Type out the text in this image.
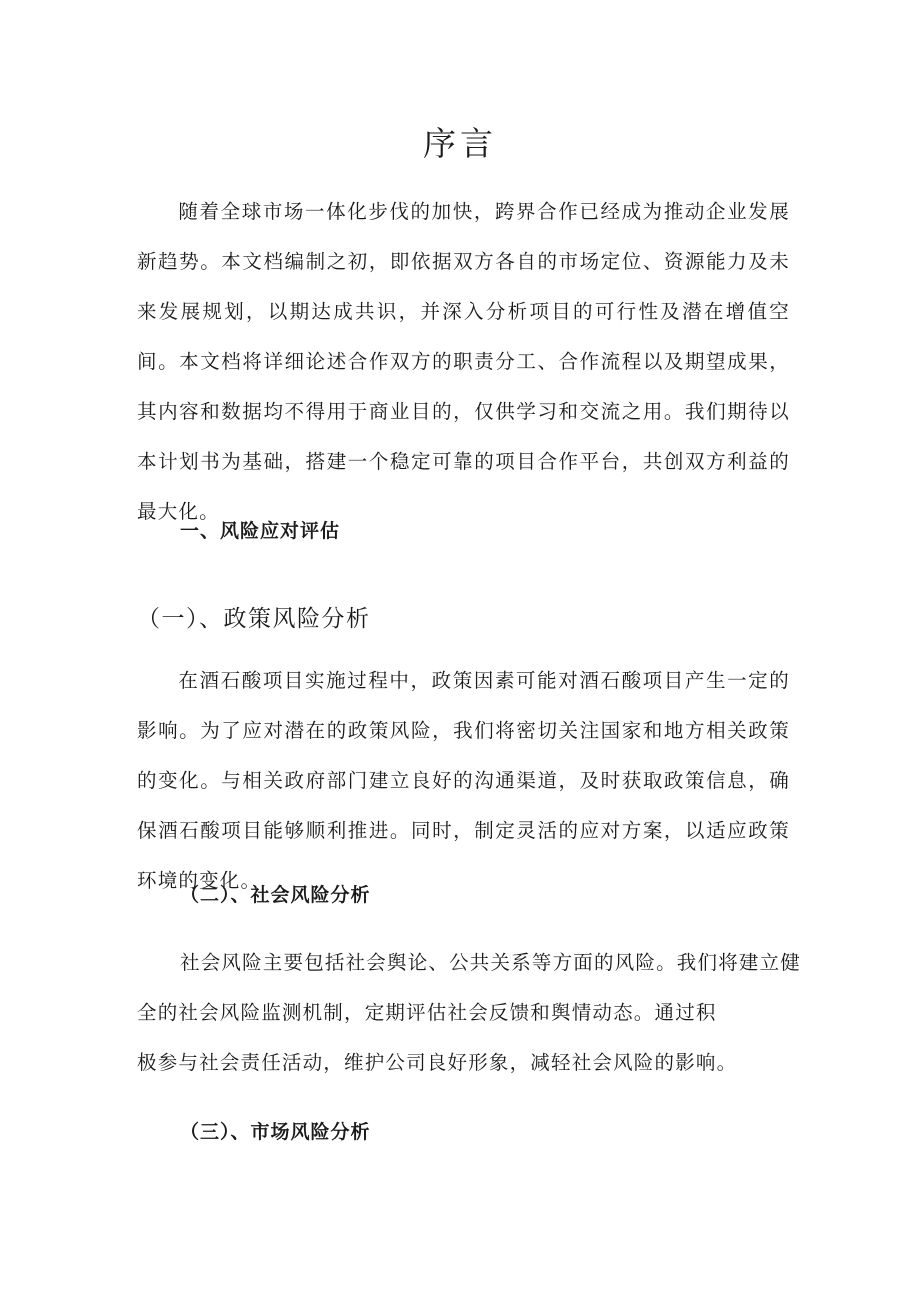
序言

随着全球市场一体化步伐的加快，跨界合作已经成为推动企业发展新趋势。本文档编制之初，即依据双方各自的市场定位、资源能力及未来发展规划，以期达成共识，并深入分析项目的可行性及潜在增值空间。本文档将详细论述合作双方的职责分工、合作流程以及期望成果，其内容和数据均不得用于商业目的，仅供学习和交流之用。我们期待以本计划书为基础，搭建一个稳定可靠的项目合作平台，共创双方利益的最大化。

一、风险应对评估
（一）、政策风险分析

在酒石酸项目实施过程中，政策因素可能对酒石酸项目产生一定的影响。为了应对潜在的政策风险，我们将密切关注国家和地方相关政策的变化。与相关政府部门建立良好的沟通渠道，及时获取政策信息，确保酒石酸项目能够顺利推进。同时，制定灵活的应对方案，以适应政策环境的变化。

（二）、社会风险分析

社会风险主要包括社会舆论、公共关系等方面的风险。我们将建立健

全的社会风险监测机制，定期评估社会反馈和舆情动态。通过积

极参与社会责任活动，维护公司良好形象，减轻社会风险的影响。

（三）、市场风险分析
